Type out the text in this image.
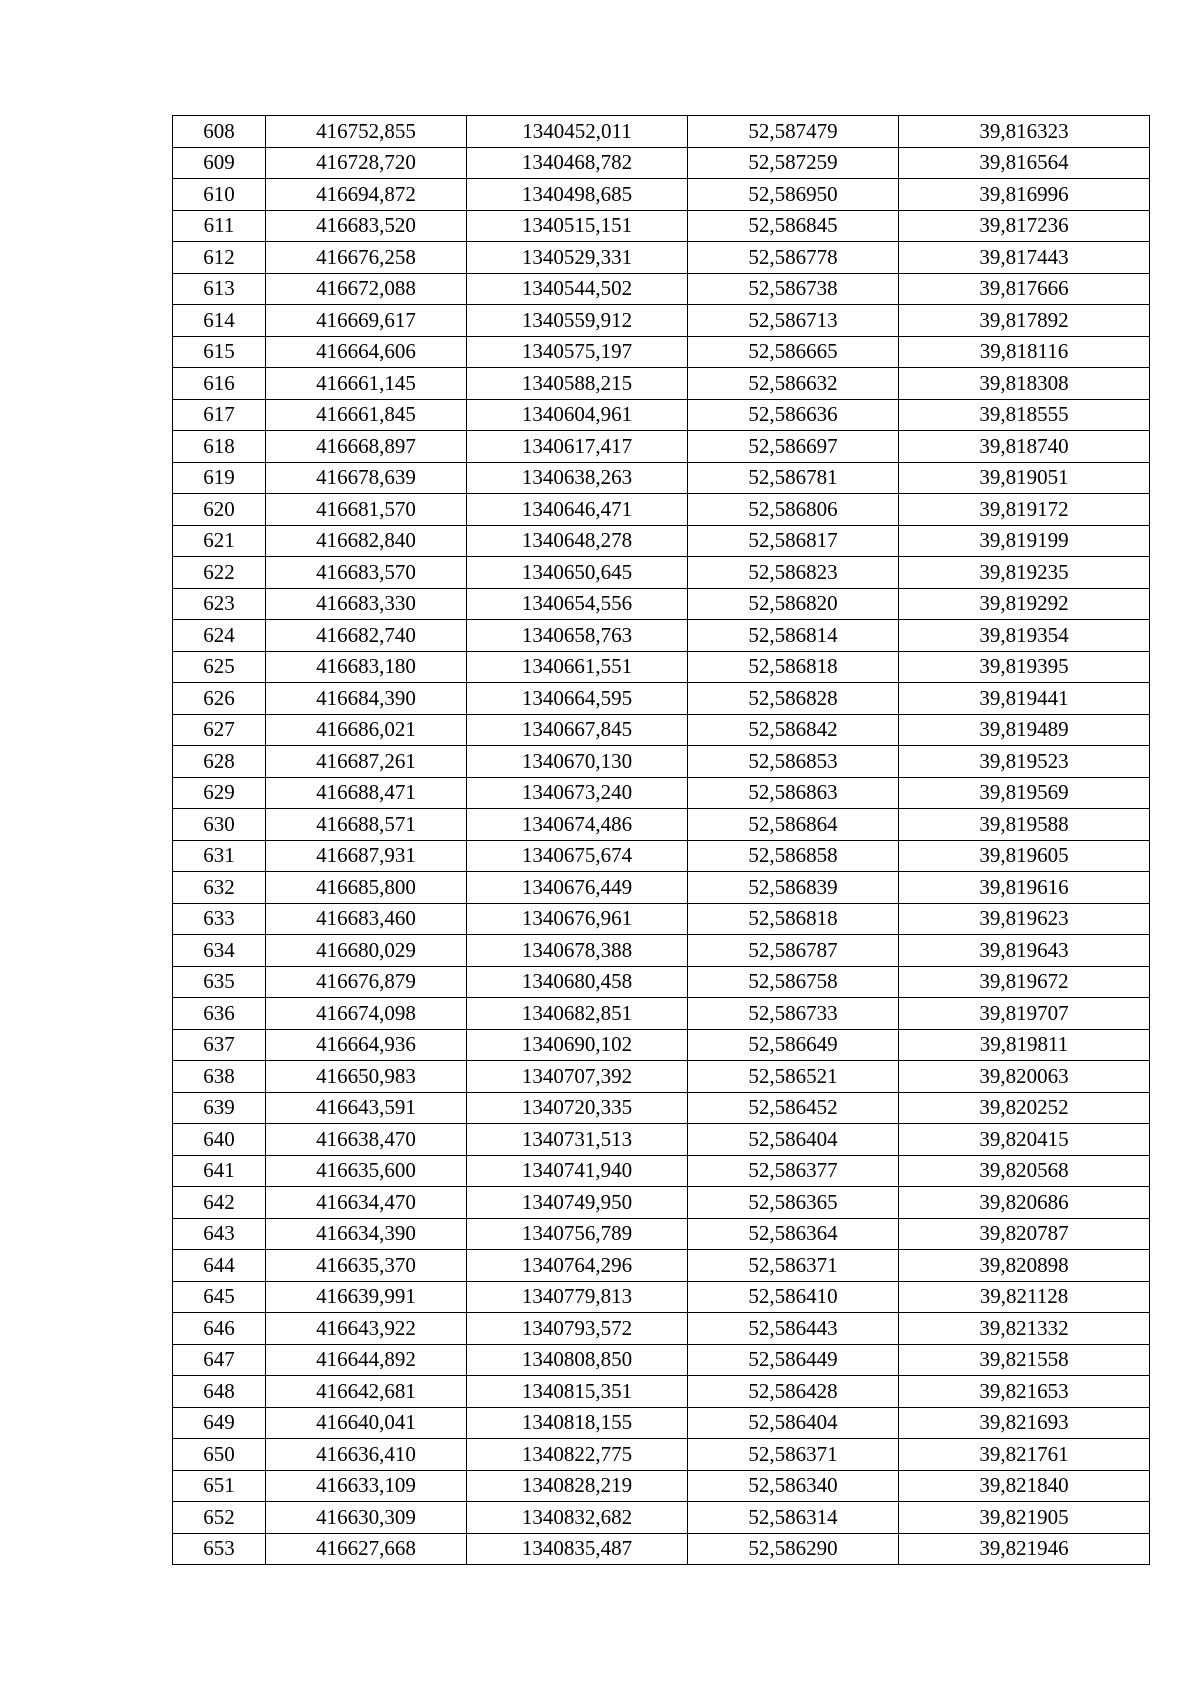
608	416752,855	1340452,011	52,587479	39,816323
609	416728,720	1340468,782	52,587259	39,816564
610	416694,872	1340498,685	52,586950	39,816996
611	416683,520	1340515,151	52,586845	39,817236
612	416676,258	1340529,331	52,586778	39,817443
613	416672,088	1340544,502	52,586738	39,817666
614	416669,617	1340559,912	52,586713	39,817892
615	416664,606	1340575,197	52,586665	39,818116
616	416661,145	1340588,215	52,586632	39,818308
617	416661,845	1340604,961	52,586636	39,818555
618	416668,897	1340617,417	52,586697	39,818740
619	416678,639	1340638,263	52,586781	39,819051
620	416681,570	1340646,471	52,586806	39,819172
621	416682,840	1340648,278	52,586817	39,819199
622	416683,570	1340650,645	52,586823	39,819235
623	416683,330	1340654,556	52,586820	39,819292
624	416682,740	1340658,763	52,586814	39,819354
625	416683,180	1340661,551	52,586818	39,819395
626	416684,390	1340664,595	52,586828	39,819441
627	416686,021	1340667,845	52,586842	39,819489
628	416687,261	1340670,130	52,586853	39,819523
629	416688,471	1340673,240	52,586863	39,819569
630	416688,571	1340674,486	52,586864	39,819588
631	416687,931	1340675,674	52,586858	39,819605
632	416685,800	1340676,449	52,586839	39,819616
633	416683,460	1340676,961	52,586818	39,819623
634	416680,029	1340678,388	52,586787	39,819643
635	416676,879	1340680,458	52,586758	39,819672
636	416674,098	1340682,851	52,586733	39,819707
637	416664,936	1340690,102	52,586649	39,819811
638	416650,983	1340707,392	52,586521	39,820063
639	416643,591	1340720,335	52,586452	39,820252
640	416638,470	1340731,513	52,586404	39,820415
641	416635,600	1340741,940	52,586377	39,820568
642	416634,470	1340749,950	52,586365	39,820686
643	416634,390	1340756,789	52,586364	39,820787
644	416635,370	1340764,296	52,586371	39,820898
645	416639,991	1340779,813	52,586410	39,821128
646	416643,922	1340793,572	52,586443	39,821332
647	416644,892	1340808,850	52,586449	39,821558
648	416642,681	1340815,351	52,586428	39,821653
649	416640,041	1340818,155	52,586404	39,821693
650	416636,410	1340822,775	52,586371	39,821761
651	416633,109	1340828,219	52,586340	39,821840
652	416630,309	1340832,682	52,586314	39,821905
653	416627,668	1340835,487	52,586290	39,821946
